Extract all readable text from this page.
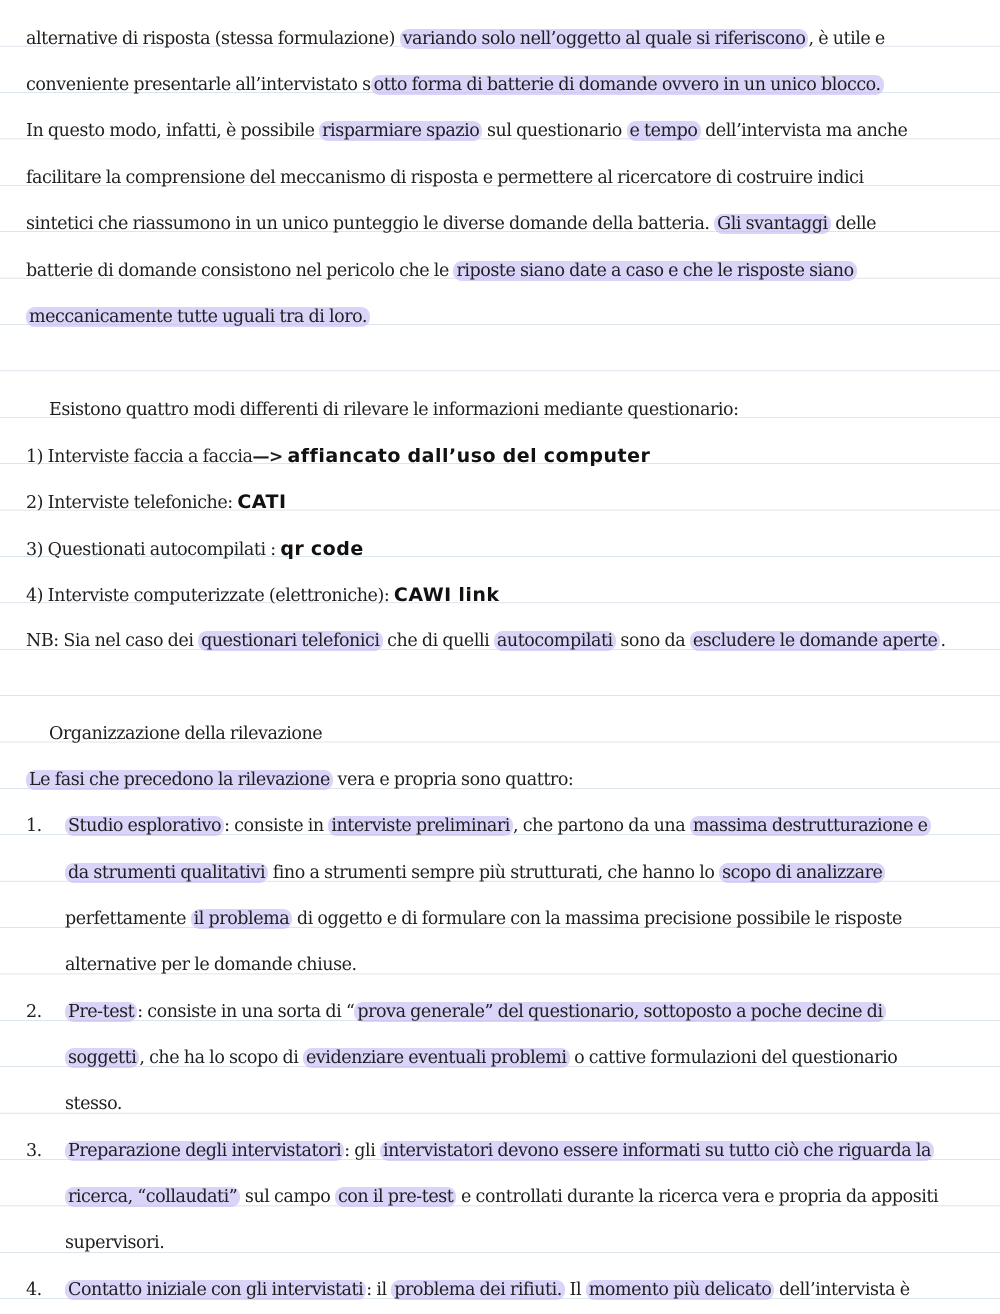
alternative di risposta (stessa formulazione) variando solo nell’oggetto al quale si riferiscono , è utile e
conveniente presentarle all’intervistato s otto forma di batterie di domande ovvero in un unico blocco.
In questo modo, infatti, è possibile risparmiare spazio sul questionario e tempo dell’intervista ma anche
facilitare la comprensione del meccanismo di risposta e permettere al ricercatore di costruire indici
sintetici che riassumono in un unico punteggio le diverse domande della batteria. Gli svantaggi delle
batterie di domande consistono nel pericolo che le riposte siano date a caso e che le risposte siano
meccanicamente tutte uguali tra di loro.
Esistono quattro modi differenti di rilevare le informazioni mediante questionario:
1) Interviste faccia a faccia—> affiancato dall’uso del computer
2) Interviste telefoniche: CATI
3) Questionati autocompilati : qr code
4) Interviste computerizzate (elettroniche): CAWI link
NB: Sia nel caso dei questionari telefonici che di quelli autocompilati sono da escludere le domande aperte .
Organizzazione della rilevazione
Le fasi che precedono la rilevazione vera e propria sono quattro:
1. Studio esplorativo : consiste in interviste preliminari , che partono da una massima destrutturazione e
da strumenti qualitativi fino a strumenti sempre più strutturati, che hanno lo scopo di analizzare
perfettamente il problema di oggetto e di formulare con la massima precisione possibile le risposte
alternative per le domande chiuse.
2. Pre-test : consiste in una sorta di “ prova generale” del questionario, sottoposto a poche decine di
soggetti , che ha lo scopo di evidenziare eventuali problemi o cattive formulazioni del questionario
stesso.
3. Preparazione degli intervistatori : gli intervistatori devono essere informati su tutto ciò che riguarda la
ricerca, “collaudati” sul campo con il pre-test e controllati durante la ricerca vera e propria da appositi
supervisori.
4. Contatto iniziale con gli intervistati : il problema dei rifiuti. Il momento più delicato dell’intervista è
